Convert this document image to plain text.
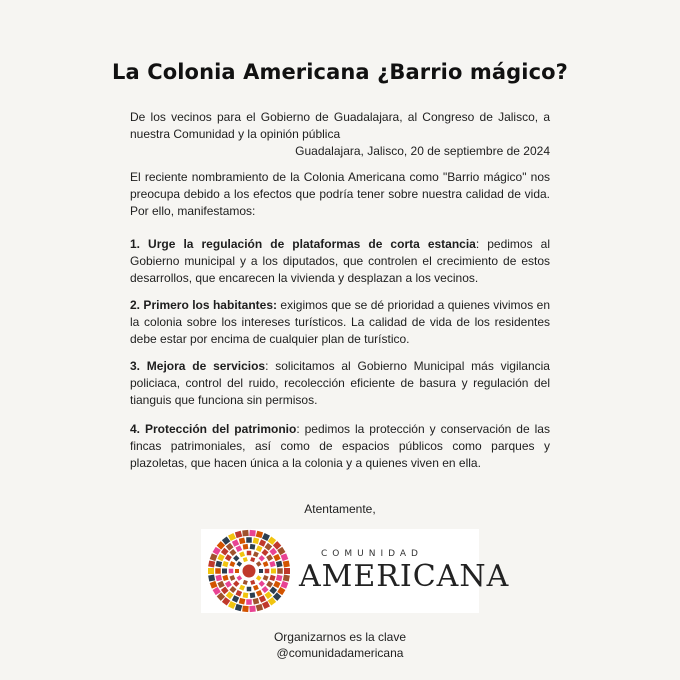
La Colonia Americana ¿Barrio mágico?
De los vecinos para el Gobierno de Guadalajara, al Congreso de Jalisco, a nuestra Comunidad y la opinión pública
Guadalajara, Jalisco, 20 de septiembre de 2024
El reciente nombramiento de la Colonia Americana como "Barrio mágico" nos preocupa debido a los efectos que podría tener sobre nuestra calidad de vida. Por ello, manifestamos:
1. Urge la regulación de plataformas de corta estancia: pedimos al Gobierno municipal y a los diputados, que controlen el crecimiento de estos desarrollos, que encarecen la vivienda y desplazan a los vecinos.
2. Primero los habitantes: exigimos que se dé prioridad a quienes vivimos en la colonia sobre los intereses turísticos. La calidad de vida de los residentes debe estar por encima de cualquier plan de turístico.
3. Mejora de servicios: solicitamos al Gobierno Municipal más vigilancia policiaca, control del ruido, recolección eficiente de basura y regulación del tianguis que funciona sin permisos.
4. Protección del patrimonio: pedimos la protección y conservación de las fincas patrimoniales, así como de espacios públicos como parques y plazoletas, que hacen única a la colonia y a quienes viven en ella.
Atentamente,
COMUNIDAD
AMERICANA
Organizarnos es la clave
@comunidadamericana
